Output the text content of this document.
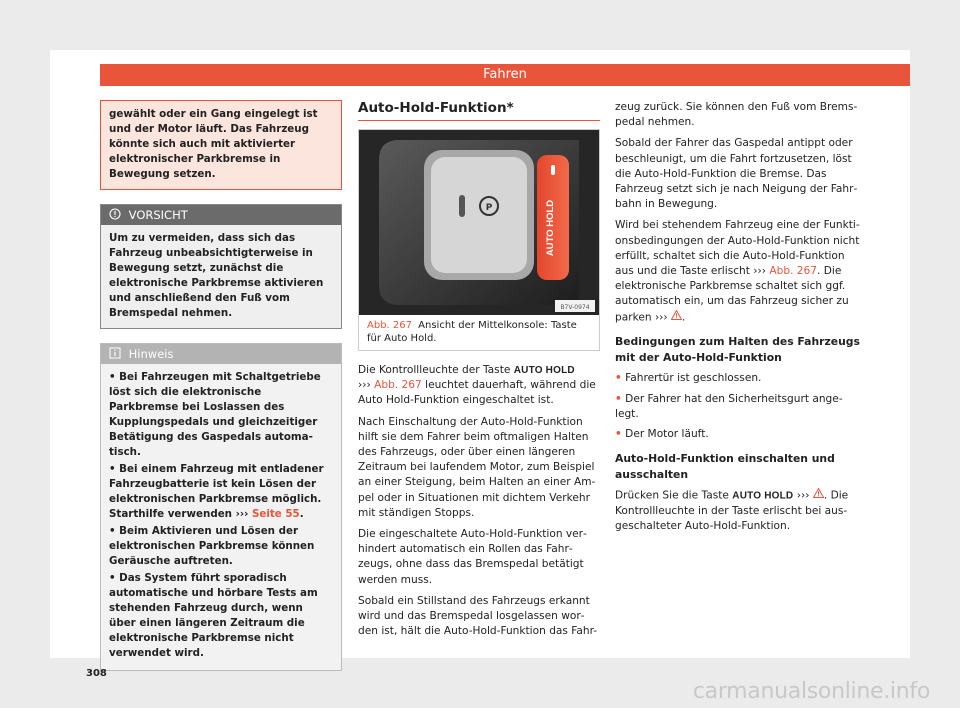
Fahren
gewählt oder ein Gang eingelegt ist und der Motor läuft. Das Fahrzeug könnte sich auch mit aktivierter elektronischer Parkbremse in Bewegung setzen.
VORSICHT
Um zu vermeiden, dass sich das Fahrzeug unbeabsichtigterweise in Bewegung setzt, zunächst die elektronische Parkbremse aktivieren und anschließend den Fuß vom Bremspedal nehmen.
Hinweis

• Bei Fahrzeugen mit Schaltgetriebe löst sich die elektronische Parkbremse bei Loslassen des Kupplungspedals und gleichzeitiger Betätigung des Gaspedals automatisch.

• Bei einem Fahrzeug mit entladener Fahrzeugbatterie ist kein Lösen der elektronischen Parkbremse möglich. Starthilfe verwenden ››› Seite 55.

• Beim Aktivieren und Lösen der elektronischen Parkbremse können Geräusche auftreten.

• Das System führt sporadisch automatische und hörbare Tests am stehenden Fahrzeug durch, wenn über einen längeren Zeitraum die elektronische Parkbremse nicht verwendet wird.

Auto-Hold-Funktion*
P	AUTO HOLD
B7V-0974
Abb. 267 Ansicht der Mittelkonsole: Taste für Auto Hold.

Die Kontrollleuchte der Taste AUTO HOLD
››› Abb. 267 leuchtet dauerhaft, während die Auto Hold-Funktion eingeschaltet ist.

Nach Einschaltung der Auto-Hold-Funktion hilft sie dem Fahrer beim oftmaligen Halten des Fahrzeugs, oder über einen längeren Zeitraum bei laufendem Motor, zum Beispiel an einer Steigung, beim Halten an einer Ampel oder in Situationen mit dichtem Verkehr mit ständigen Stopps.

Die eingeschaltete Auto-Hold-Funktion verhindert automatisch ein Rollen das Fahrzeugs, ohne dass das Bremspedal betätigt werden muss.

Sobald ein Stillstand des Fahrzeugs erkannt wird und das Bremspedal losgelassen worden ist, hält die Auto-Hold-Funktion das Fahr-

zeug zurück. Sie können den Fuß vom Bremspedal nehmen.

Sobald der Fahrer das Gaspedal antippt oder beschleunigt, um die Fahrt fortzusetzen, löst die Auto-Hold-Funktion die Bremse. Das Fahrzeug setzt sich je nach Neigung der Fahrbahn in Bewegung.

Wird bei stehendem Fahrzeug eine der Funktionsbedingungen der Auto-Hold-Funktion nicht erfüllt, schaltet sich die Auto-Hold-Funktion aus und die Taste erlischt ››› Abb. 267. Die elektronische Parkbremse schaltet sich ggf. automatisch ein, um das Fahrzeug sicher zu parken ››› .

Bedingungen zum Halten des Fahrzeugs mit der Auto-Hold-Funktion

• Fahrertür ist geschlossen.

• Der Fahrer hat den Sicherheitsgurt angelegt.

• Der Motor läuft.

Auto-Hold-Funktion einschalten und ausschalten

Drücken Sie die Taste AUTO HOLD ››› . Die Kontrollleuchte in der Taste erlischt bei ausgeschalteter Auto-Hold-Funktion.

308
carmanualsonline.info
